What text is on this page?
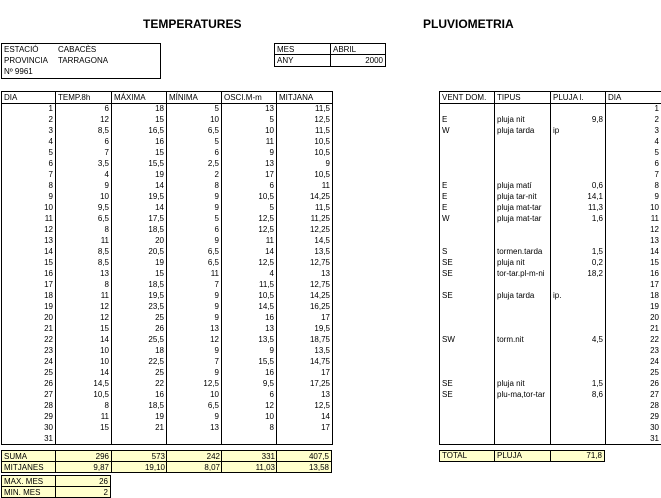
TEMPERATURES	PLUVIOMETRIA
ESTACIÓ	CABACÈS
PROVINCIA	TARRAGONA
Nº 9961
MES	ABRIL
ANY	2000
DIA	TEMP.8h	MÁXIMA	MÍNIMA	OSCI.M-m	MITJANA
1	6	18	5	13	11,5
2	12	15	10	5	12,5
3	8,5	16,5	6,5	10	11,5
4	6	16	5	11	10,5
5	7	15	6	9	10,5
6	3,5	15,5	2,5	13	9
7	4	19	2	17	10,5
8	9	14	8	6	11
9	10	19,5	9	10,5	14,25
10	9,5	14	9	5	11,5
11	6,5	17,5	5	12,5	11,25
12	8	18,5	6	12,5	12,25
13	11	20	9	11	14,5
14	8,5	20,5	6,5	14	13,5
15	8,5	19	6,5	12,5	12,75
16	13	15	11	4	13
17	8	18,5	7	11,5	12,75
18	11	19,5	9	10,5	14,25
19	12	23,5	9	14,5	16,25
20	12	25	9	16	17
21	15	26	13	13	19,5
22	14	25,5	12	13,5	18,75
23	10	18	9	9	13,5
24	10	22,5	7	15,5	14,75
25	14	25	9	16	17
26	14,5	22	12,5	9,5	17,25
27	10,5	16	10	6	13
28	8	18,5	6,5	12	12,5
29	11	19	9	10	14
30	15	21	13	8	17
31					
VENT DOM.	TIPUS	PLUJA l.	DIA
			1
E	pluja nit	9,8	2
W	pluja tarda	ip	3
			4
			5
			6
			7
E	pluja matí	0,6	8
E	pluja tar-nit	14,1	9
E	pluja mat-tar	11,3	10
W	pluja mat-tar	1,6	11
			12
			13
S	tormen.tarda	1,5	14
SE	pluja nit	0,2	15
SE	tor-tar.pl-m-ni	18,2	16
			17
SE	pluja tarda	ip.	18
			19
			20
			21
SW	torm.nit	4,5	22
			23
			24
			25
SE	pluja nit	1,5	26
SE	plu-ma,tor-tar	8,6	27
			28
			29
			30
			31
SUMA	296	573	242	331	407,5
MITJANES	9,87	19,10	8,07	11,03	13,58
MAX. MES	26
MIN. MES	2
TOTAL	PLUJA	71,8
